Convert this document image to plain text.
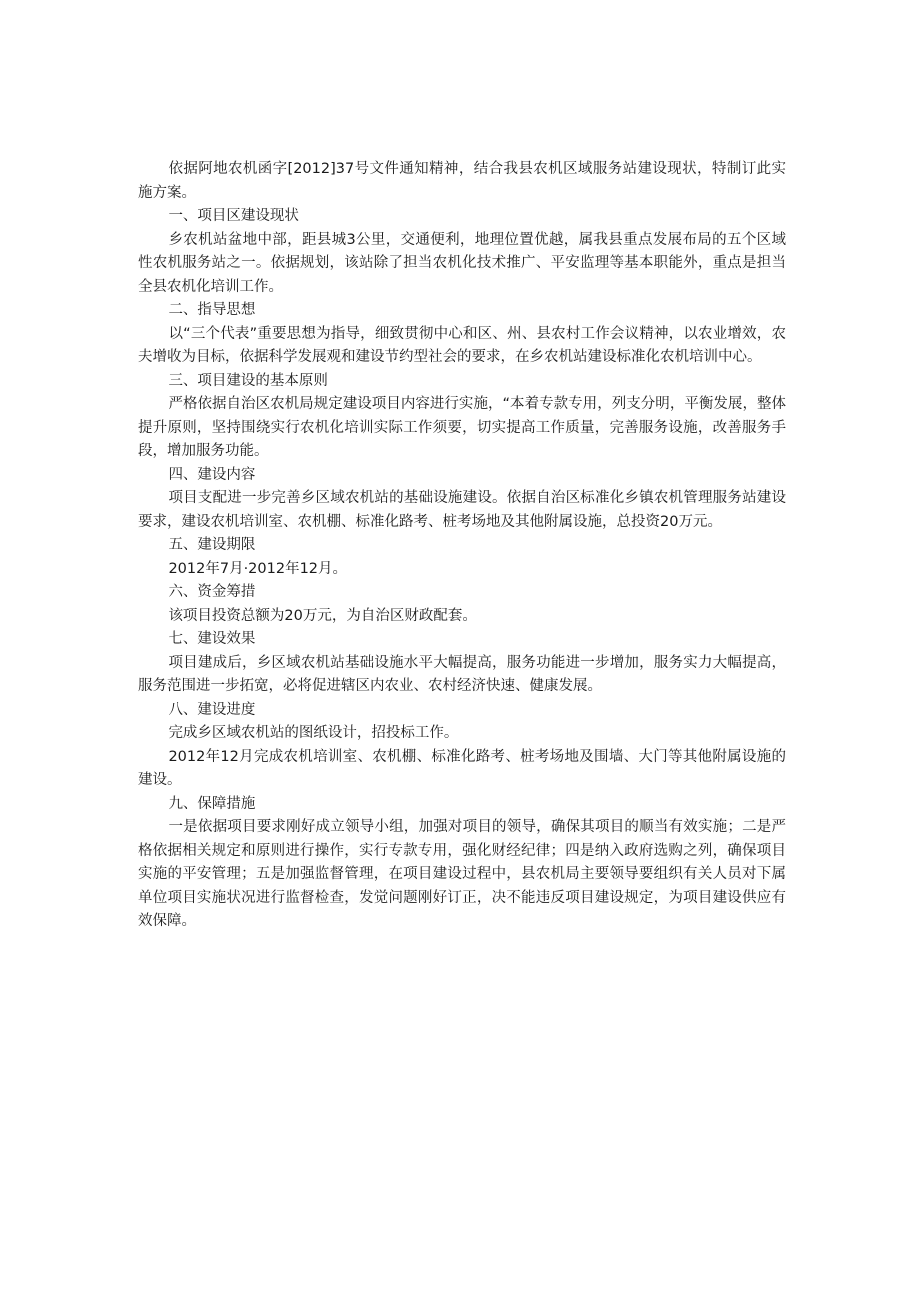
依据阿地农机函字[2012]37号文件通知精神，结合我县农机区域服务站建设现状，特制订此实施方案。

一、项目区建设现状

乡农机站盆地中部，距县城3公里，交通便利，地理位置优越，属我县重点发展布局的五个区域性农机服务站之一。依据规划，该站除了担当农机化技术推广、平安监理等基本职能外，重点是担当全县农机化培训工作。

二、指导思想

以“三个代表”重要思想为指导，细致贯彻中心和区、州、县农村工作会议精神，以农业增效，农夫增收为目标，依据科学发展观和建设节约型社会的要求，在乡农机站建设标准化农机培训中心。

三、项目建设的基本原则

严格依据自治区农机局规定建设项目内容进行实施，“本着专款专用，列支分明，平衡发展，整体提升原则，坚持围绕实行农机化培训实际工作须要，切实提高工作质量，完善服务设施，改善服务手段，增加服务功能。

四、建设内容

项目支配进一步完善乡区域农机站的基础设施建设。依据自治区标准化乡镇农机管理服务站建设要求，建设农机培训室、农机棚、标准化路考、桩考场地及其他附属设施，总投资20万元。

五、建设期限

2012年7月·2012年12月。

六、资金筹措

该项目投资总额为20万元，为自治区财政配套。

七、建设效果

项目建成后，乡区域农机站基础设施水平大幅提高，服务功能进一步增加，服务实力大幅提高，服务范围进一步拓宽，必将促进辖区内农业、农村经济快速、健康发展。

八、建设进度

完成乡区域农机站的图纸设计，招投标工作。

2012年12月完成农机培训室、农机棚、标准化路考、桩考场地及围墙、大门等其他附属设施的建设。

九、保障措施

一是依据项目要求刚好成立领导小组，加强对项目的领导，确保其项目的顺当有效实施；二是严格依据相关规定和原则进行操作，实行专款专用，强化财经纪律；四是纳入政府选购之列，确保项目实施的平安管理；五是加强监督管理，在项目建设过程中，县农机局主要领导要组织有关人员对下属单位项目实施状况进行监督检查，发觉问题刚好订正，决不能违反项目建设规定，为项目建设供应有效保障。
